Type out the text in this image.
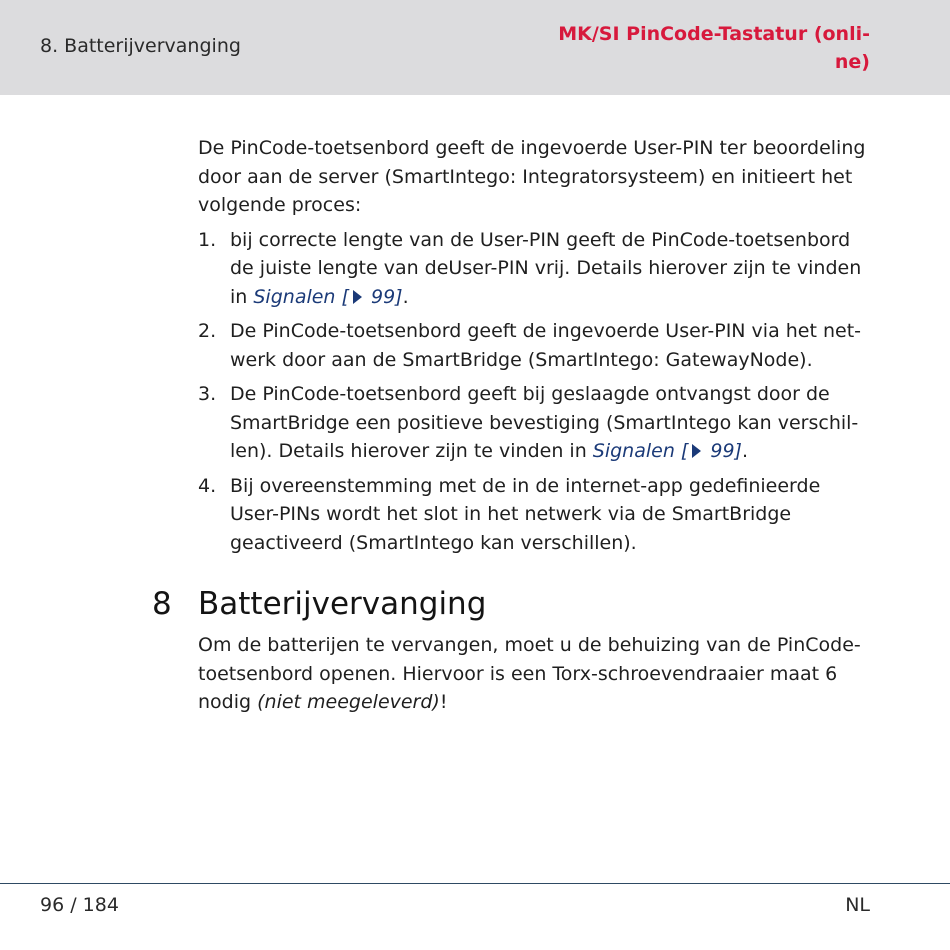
8. Batterijvervanging
MK/SI PinCode-Tastatur (onli-
ne)

De PinCode-toetsenbord geeft de ingevoerde User-PIN ter beoordeling door aan de server (SmartIntego: Integratorsysteem) en initieert het volgende proces:

1. bij correcte lengte van de User-PIN geeft de PinCode-toetsenbord de juiste lengte van deUser-PIN vrij. Details hierover zijn te vinden in Signalen [ 99].
2. De PinCode-toetsenbord geeft de ingevoerde User-PIN via het net-werk door aan de SmartBridge (SmartIntego: GatewayNode).
3. De PinCode-toetsenbord geeft bij geslaagde ontvangst door de SmartBridge een positieve bevestiging (SmartIntego kan verschil-len). Details hierover zijn te vinden in Signalen [ 99].
4. Bij overeenstemming met de in de internet-app gedefinieerde User-PINs wordt het slot in het netwerk via de SmartBridge geactiveerd (SmartIntego kan verschillen).
8 Batterijvervanging
Om de batterijen te vervangen, moet u de behuizing van de PinCode-toetsenbord openen. Hiervoor is een Torx-schroevendraaier maat 6 nodig (niet meegeleverd)!
96 / 184	NL
